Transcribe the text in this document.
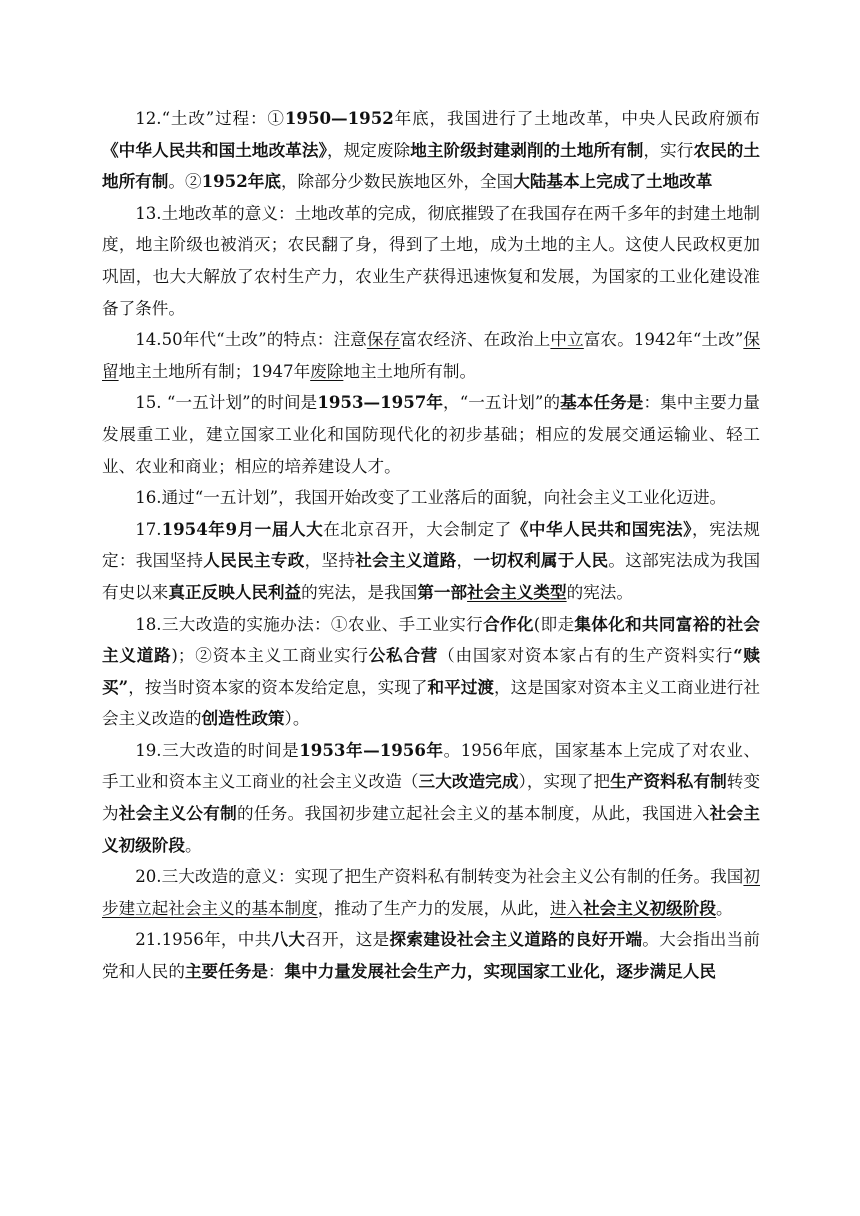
12.“土改”过程：①1950—1952年底，我国进行了土地改革，中央人民政府颁布《中华人民共和国土地改革法》，规定废除地主阶级封建剥削的土地所有制，实行农民的土地所有制。②1952年底，除部分少数民族地区外，全国大陆基本上完成了土地改革

13.土地改革的意义：土地改革的完成，彻底摧毁了在我国存在两千多年的封建土地制度，地主阶级也被消灭；农民翻了身，得到了土地，成为土地的主人。这使人民政权更加巩固，也大大解放了农村生产力，农业生产获得迅速恢复和发展，为国家的工业化建设准备了条件。

14.50年代“土改”的特点：注意保存富农经济、在政治上中立富农。1942年“土改”保留地主土地所有制；1947年废除地主土地所有制。

15. “一五计划”的时间是1953—1957年，“一五计划”的基本任务是：集中主要力量发展重工业，建立国家工业化和国防现代化的初步基础；相应的发展交通运输业、轻工业、农业和商业；相应的培养建设人才。

16.通过“一五计划”，我国开始改变了工业落后的面貌，向社会主义工业化迈进。

17.1954年9月一届人大在北京召开，大会制定了《中华人民共和国宪法》，宪法规定：我国坚持人民民主专政，坚持社会主义道路，一切权利属于人民。这部宪法成为我国有史以来真正反映人民利益的宪法，是我国第一部社会主义类型的宪法。

18.三大改造的实施办法：①农业、手工业实行合作化(即走集体化和共同富裕的社会主义道路)；②资本主义工商业实行公私合营（由国家对资本家占有的生产资料实行“赎买”，按当时资本家的资本发给定息，实现了和平过渡，这是国家对资本主义工商业进行社会主义改造的创造性政策）。

19.三大改造的时间是1953年—1956年。1956年底，国家基本上完成了对农业、手工业和资本主义工商业的社会主义改造（三大改造完成），实现了把生产资料私有制转变为社会主义公有制的任务。我国初步建立起社会主义的基本制度，从此，我国进入社会主义初级阶段。

20.三大改造的意义：实现了把生产资料私有制转变为社会主义公有制的任务。我国初步建立起社会主义的基本制度，推动了生产力的发展，从此，进入社会主义初级阶段。

21.1956年，中共八大召开，这是探索建设社会主义道路的良好开端。大会指出当前党和人民的主要任务是：集中力量发展社会生产力，实现国家工业化，逐步满足人民
